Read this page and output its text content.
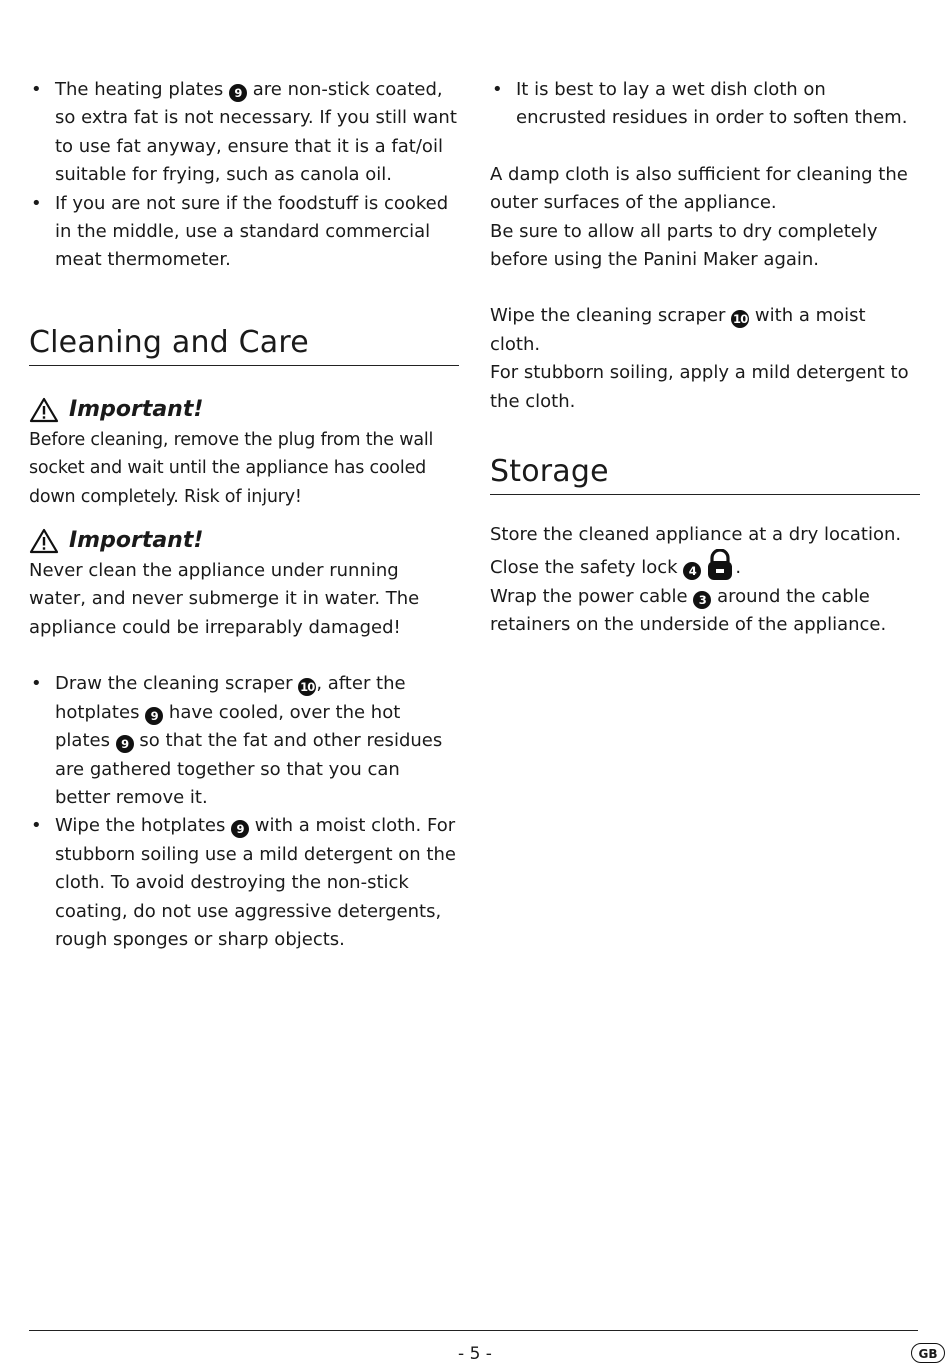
• The heating plates 9 are non-stick coated, so extra fat is not necessary. If you still want to use fat anyway, ensure that it is a fat/oil suitable for frying, such as canola oil.
• If you are not sure if the foodstuff is cooked in the middle, use a standard commercial meat thermometer.
Cleaning and Care
Important!

Before cleaning, remove the plug from the wall socket and wait until the appliance has cooled down completely. Risk of injury!

Important!

Never clean the appliance under running water, and never submerge it in water. The appliance could be irreparably damaged!

• Draw the cleaning scraper 10, after the hotplates 9 have cooled, over the hot plates 9 so that the fat and other residues are gathered together so that you can better remove it.
• Wipe the hotplates 9 with a moist cloth. For stubborn soiling use a mild detergent on the cloth. To avoid destroying the non-stick coating, do not use aggressive detergents, rough sponges or sharp objects.
• It is best to lay a wet dish cloth on encrusted residues in order to soften them.

A damp cloth is also sufficient for cleaning the outer surfaces of the appliance.

Be sure to allow all parts to dry completely before using the Panini Maker again.

Wipe the cleaning scraper 10 with a moist cloth.

For stubborn soiling, apply a mild detergent to the cloth.

Storage

Store the cleaned appliance at a dry location.

Close the safety lock 4 .

Wrap the power cable 3 around the cable retainers on the underside of the appliance.

- 5 -	GB
